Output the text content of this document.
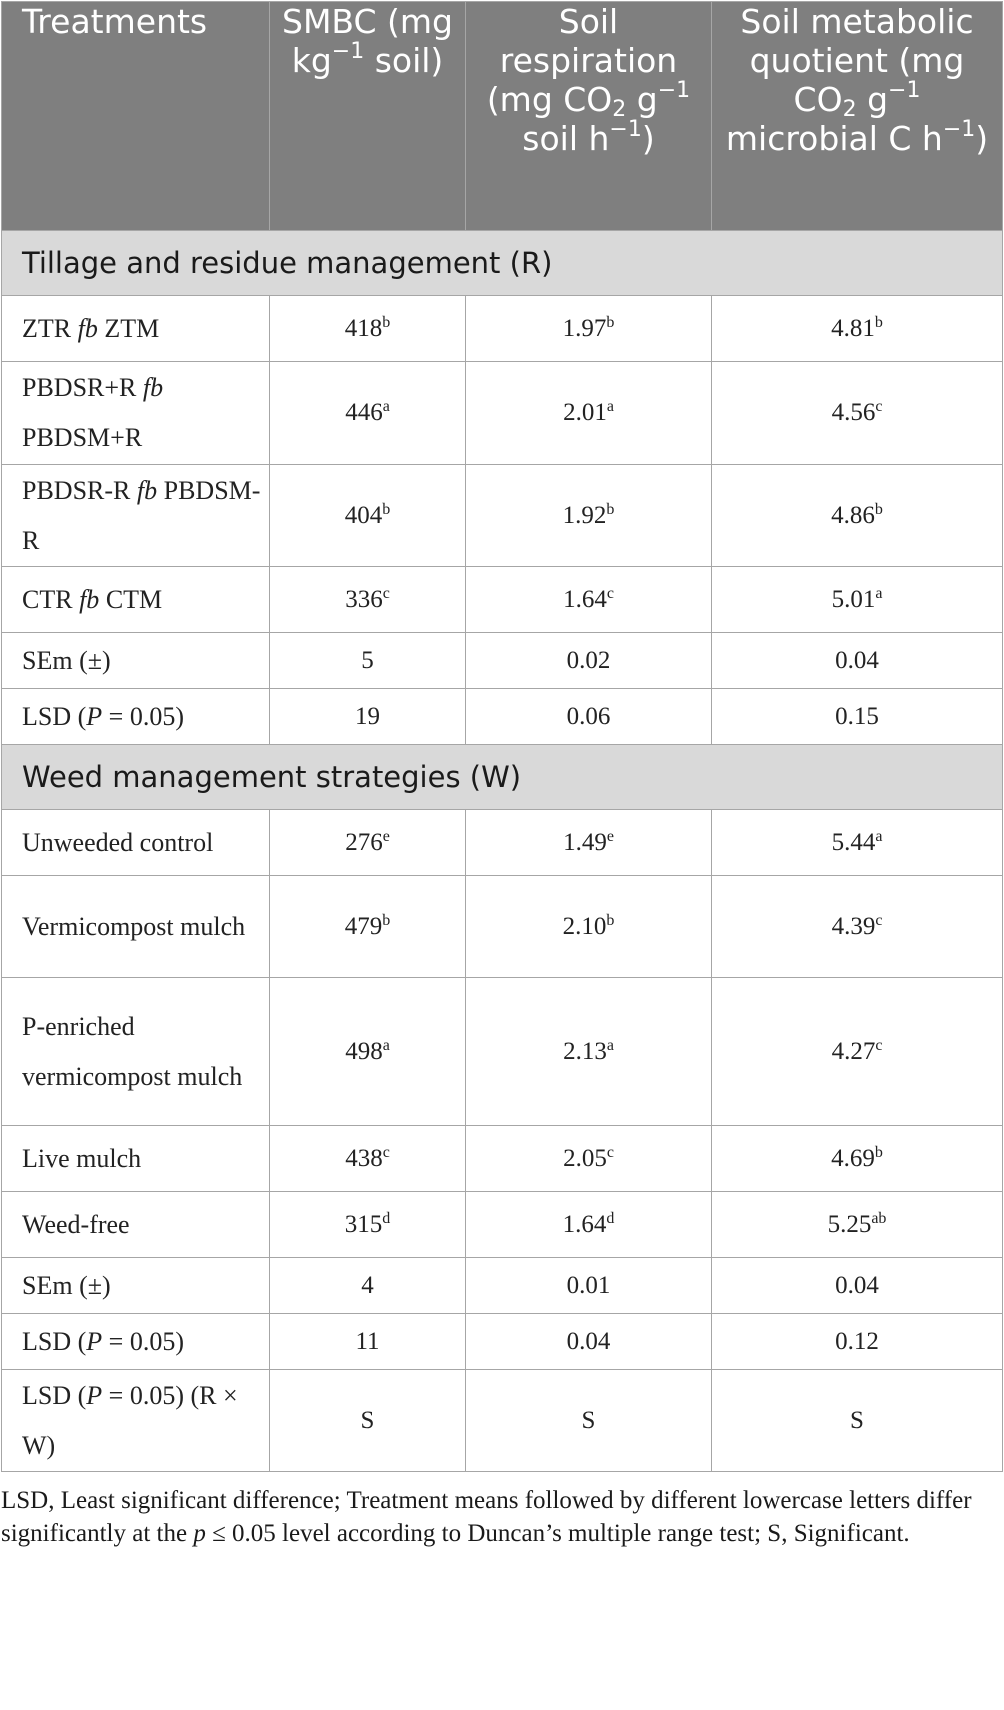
Treatments	SMBC (mg $kg^{-1}$ soil)	Soil respiration (mg $CO_2$ $g^{-1}$ soil $h^{-1}$)	Soil metabolic quotient (mg $CO_2$ $g^{-1}$ microbial C $h^{-1}$)
Tillage and residue management (R)			
ZTR fb ZTM	418$^b$	1.97$^b$	4.81$^b$
PBDSR+R fb PBDSM+R	446$^a$	2.01$^a$	4.56$^c$
PBDSR-R fb PBDSM-R	404$^b$	1.92$^b$	4.86$^b$
CTR fb CTM	336$^c$	1.64$^c$	5.01$^a$
SEm (±)	5	0.02	0.04
LSD (P = 0.05)	19	0.06	0.15
Weed management strategies (W)			
Unweeded control	276e	1.49e	5.44$^a$
Vermicompost mulch	479$^b$	2.10$^b$	4.39$^c$
P-enriched vermicompost mulch	498$^a$	2.13$^a$	4.27$^c$
Live mulch	438$^c$	2.05$^c$	4.69$^b$
Weed-free	315$^d$	1.64$^d$	5.25$^{ab}$
SEm (±)	4	0.01	0.04
LSD (P = 0.05)	11	0.04	0.12
LSD (P = 0.05) (R × W)	S	S	S
LSD, Least significant difference; Treatment means followed by different lowercase letters differ significantly at the p ≤ 0.05 level according to Duncan’s multiple range test; S, Significant.
